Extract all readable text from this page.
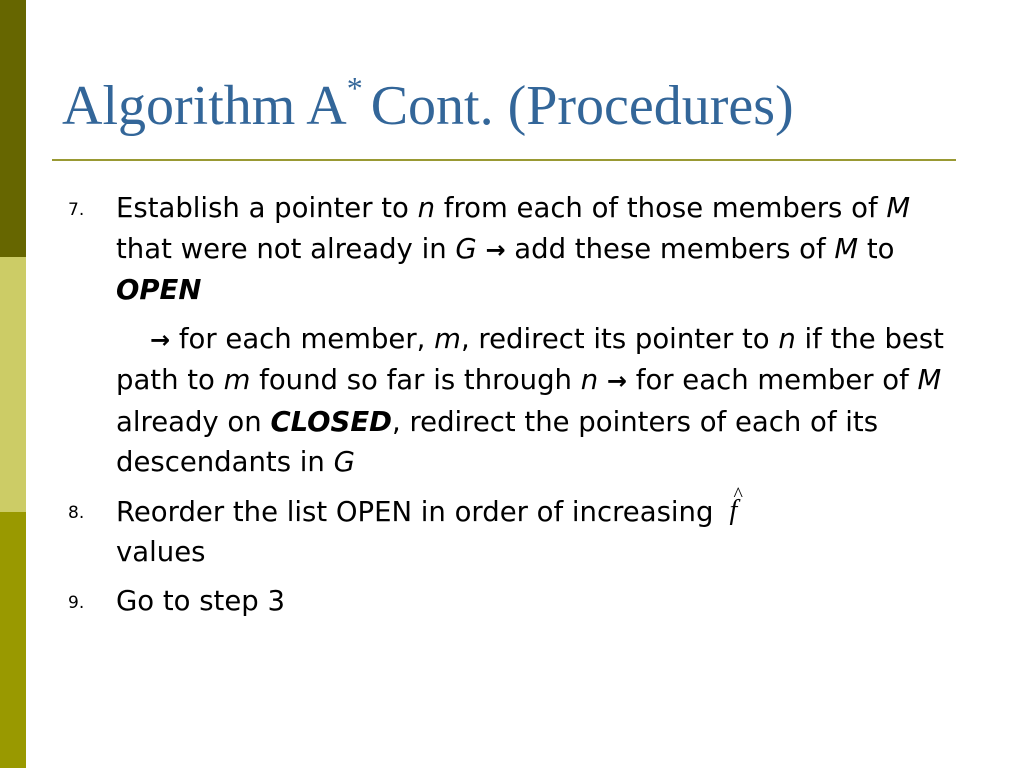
Algorithm A* Cont. (Procedures)
7. Establish a pointer to n from each of those members of M that were not already in G → add these members of M to OPEN

→ for each member, m, redirect its pointer to n if the best path to m found so far is through n → for each member of M already on CLOSED, redirect the pointers of each of its descendants in G

8. Reorder the list OPEN in order of increasing
^
f
values

9. Go to step 3
